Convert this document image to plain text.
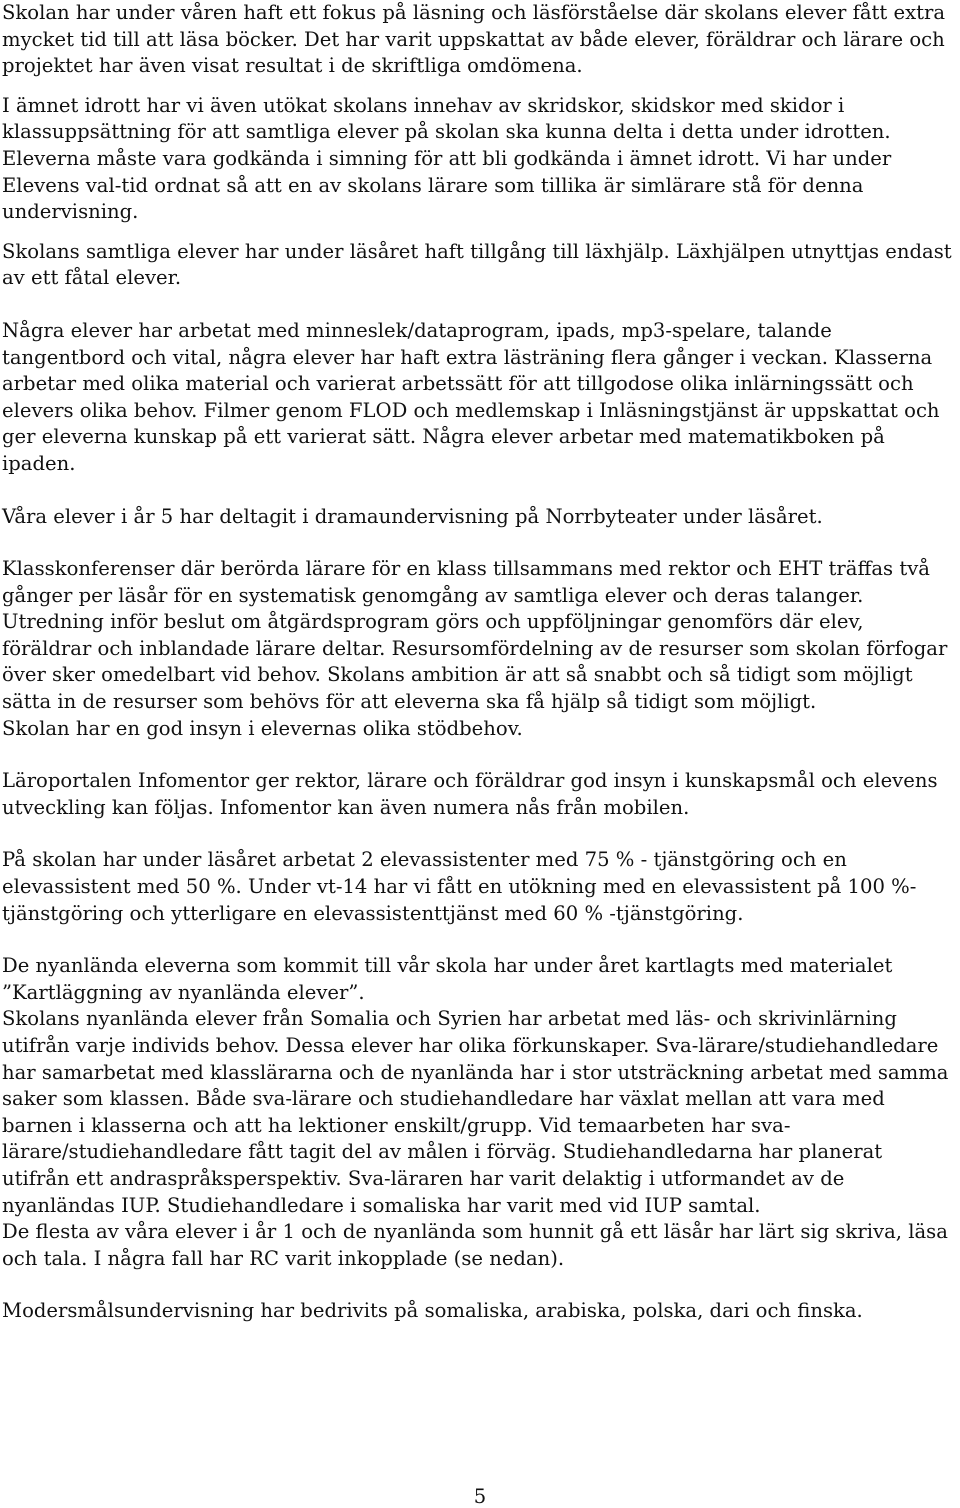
Skolan har under våren haft ett fokus på läsning och läsförståelse där skolans elever fått extra mycket tid till att läsa böcker. Det har varit uppskattat av både elever, föräldrar och lärare och projektet har även visat resultat i de skriftliga omdömena.

I ämnet idrott har vi även utökat skolans innehav av skridskor, skidskor med skidor i klassuppsättning för att samtliga elever på skolan ska kunna delta i detta under idrotten. Eleverna måste vara godkända i simning för att bli godkända i ämnet idrott. Vi har under Elevens val-tid ordnat så att en av skolans lärare som tillika är simlärare stå för denna undervisning.

Skolans samtliga elever har under läsåret haft tillgång till läxhjälp. Läxhjälpen utnyttjas endast av ett fåtal elever.

Några elever har arbetat med minneslek/dataprogram, ipads, mp3-spelare, talande tangentbord och vital, några elever har haft extra lästräning flera gånger i veckan. Klasserna arbetar med olika material och varierat arbetssätt för att tillgodose olika inlärningssätt och elevers olika behov. Filmer genom FLOD och medlemskap i Inläsningstjänst är uppskattat och ger eleverna kunskap på ett varierat sätt. Några elever arbetar med matematikboken på ipaden.

Våra elever i år 5 har deltagit i dramaundervisning på Norrbyteater under läsåret.

Klasskonferenser där berörda lärare för en klass tillsammans med rektor och EHT träffas två gånger per läsår för en systematisk genomgång av samtliga elever och deras talanger. Utredning inför beslut om åtgärdsprogram görs och uppföljningar genomförs där elev, föräldrar och inblandade lärare deltar. Resursomfördelning av de resurser som skolan förfogar över sker omedelbart vid behov. Skolans ambition är att så snabbt och så tidigt som möjligt sätta in de resurser som behövs för att eleverna ska få hjälp så tidigt som möjligt.

Skolan har en god insyn i elevernas olika stödbehov.

Läroportalen Infomentor ger rektor, lärare och föräldrar god insyn i kunskapsmål och elevens utveckling kan följas. Infomentor kan även numera nås från mobilen.

På skolan har under läsåret arbetat 2 elevassistenter med 75 % - tjänstgöring och en elevassistent med 50 %. Under vt-14 har vi fått en utökning med en elevassistent på 100 %-tjänstgöring och ytterligare en elevassistenttjänst med 60 % -tjänstgöring.

De nyanlända eleverna som kommit till vår skola har under året kartlagts med materialet ”Kartläggning av nyanlända elever”.

Skolans nyanlända elever från Somalia och Syrien har arbetat med läs- och skrivinlärning utifrån varje individs behov. Dessa elever har olika förkunskaper. Sva-lärare/studiehandledare har samarbetat med klasslärarna och de nyanlända har i stor utsträckning arbetat med samma saker som klassen. Både sva-lärare och studiehandledare har växlat mellan att vara med barnen i klasserna och att ha lektioner enskilt/grupp. Vid temaarbeten har sva-lärare/studiehandledare fått tagit del av målen i förväg. Studiehandledarna har planerat utifrån ett andraspråksperspektiv. Sva-läraren har varit delaktig i utformandet av de nyanländas IUP. Studiehandledare i somaliska har varit med vid IUP samtal.

De flesta av våra elever i år 1 och de nyanlända som hunnit gå ett läsår har lärt sig skriva, läsa och tala. I några fall har RC varit inkopplade (se nedan).

Modersmålsundervisning har bedrivits på somaliska, arabiska, polska, dari och finska.

5
